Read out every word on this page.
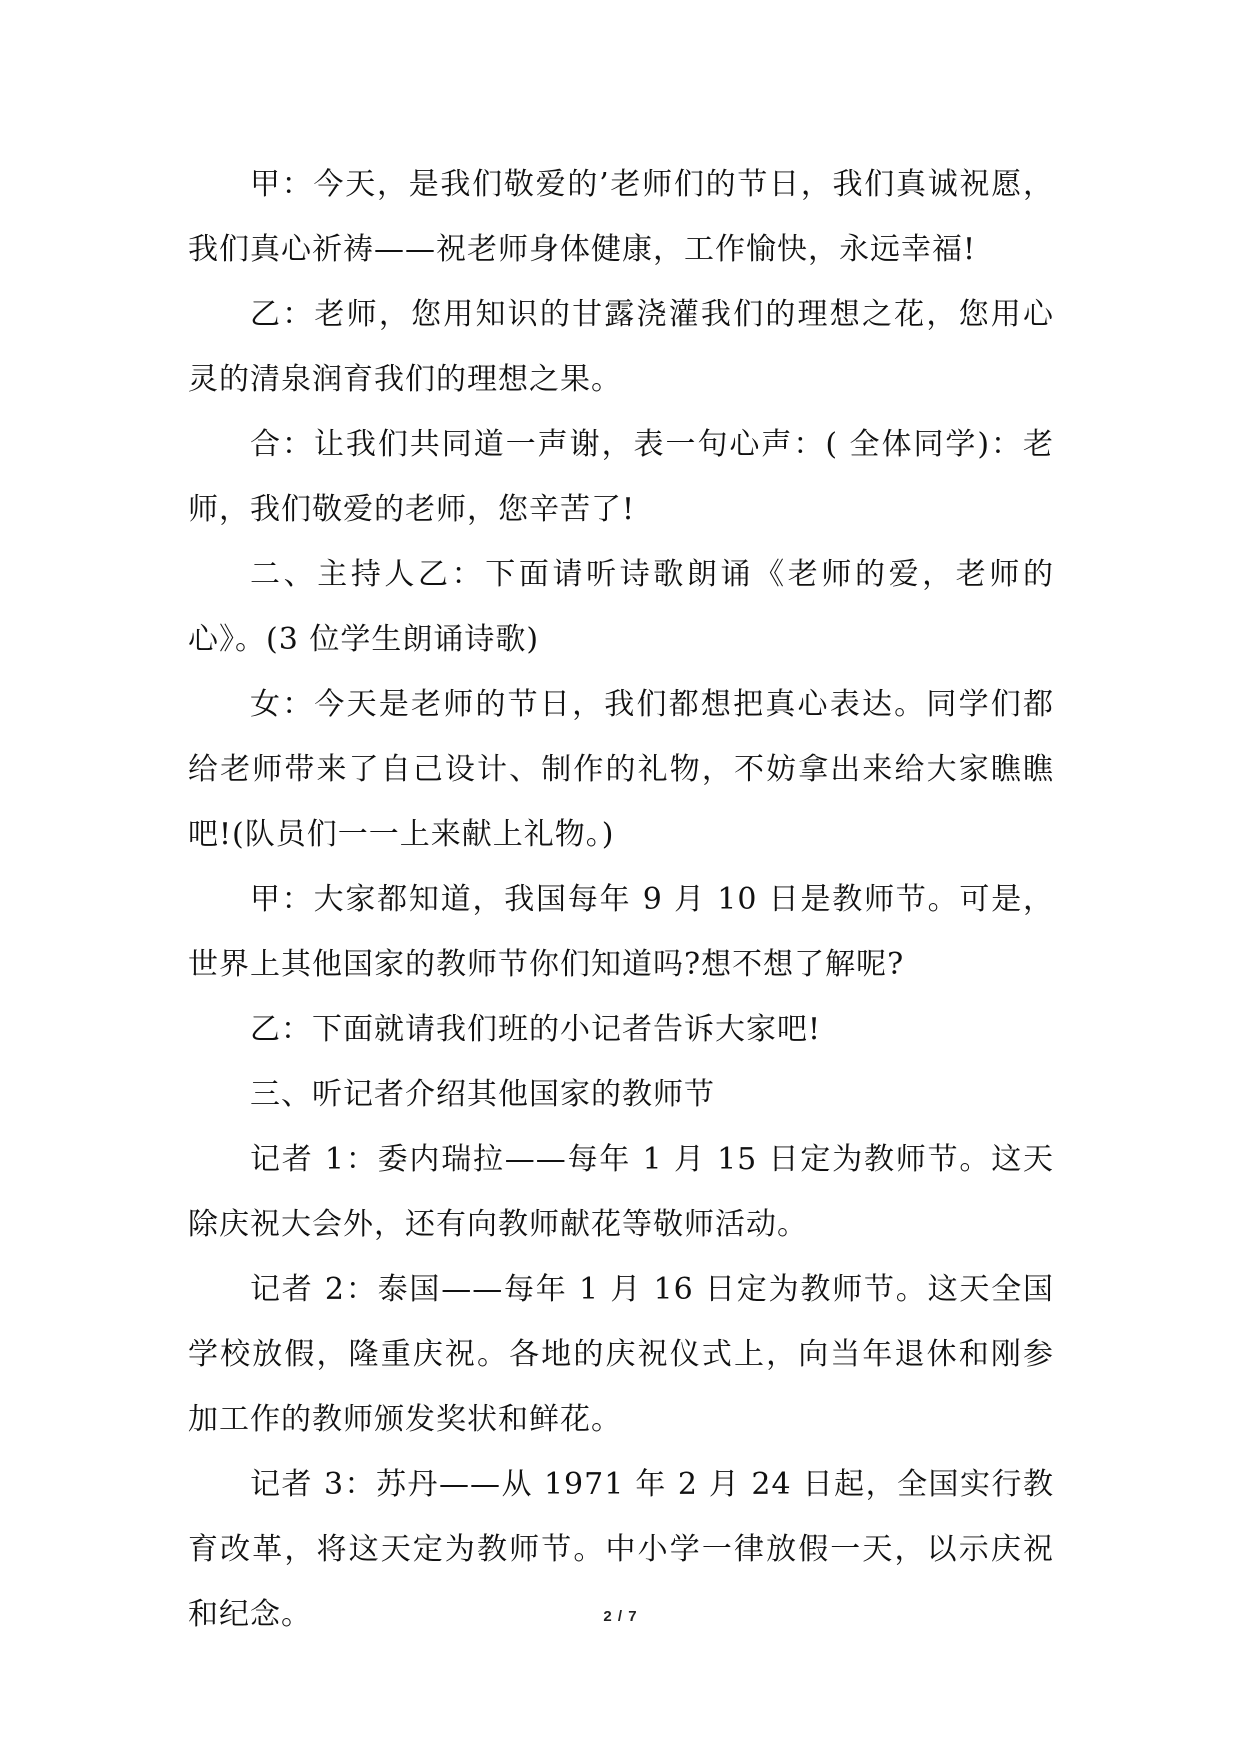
甲：今天，是我们敬爱的’老师们的节日，我们真诚祝愿，我们真心祈祷——祝老师身体健康，工作愉快，永远幸福!

乙：老师，您用知识的甘露浇灌我们的理想之花，您用心灵的清泉润育我们的理想之果。

合：让我们共同道一声谢，表一句心声：( 全体同学)：老师，我们敬爱的老师，您辛苦了!

二、主持人乙：下面请听诗歌朗诵《老师的爱，老师的心》。(3 位学生朗诵诗歌)

女：今天是老师的节日，我们都想把真心表达。同学们都给老师带来了自己设计、制作的礼物，不妨拿出来给大家瞧瞧吧!(队员们一一上来献上礼物。)

甲：大家都知道，我国每年 9 月 10 日是教师节。可是，世界上其他国家的教师节你们知道吗?想不想了解呢?

乙：下面就请我们班的小记者告诉大家吧!

三、听记者介绍其他国家的教师节

记者 1：委内瑞拉——每年 1 月 15 日定为教师节。这天除庆祝大会外，还有向教师献花等敬师活动。

记者 2：泰国——每年 1 月 16 日定为教师节。这天全国学校放假，隆重庆祝。各地的庆祝仪式上，向当年退休和刚参加工作的教师颁发奖状和鲜花。

记者 3：苏丹——从 1971 年 2 月 24 日起，全国实行教育改革，将这天定为教师节。中小学一律放假一天，以示庆祝和纪念。	2 / 7
